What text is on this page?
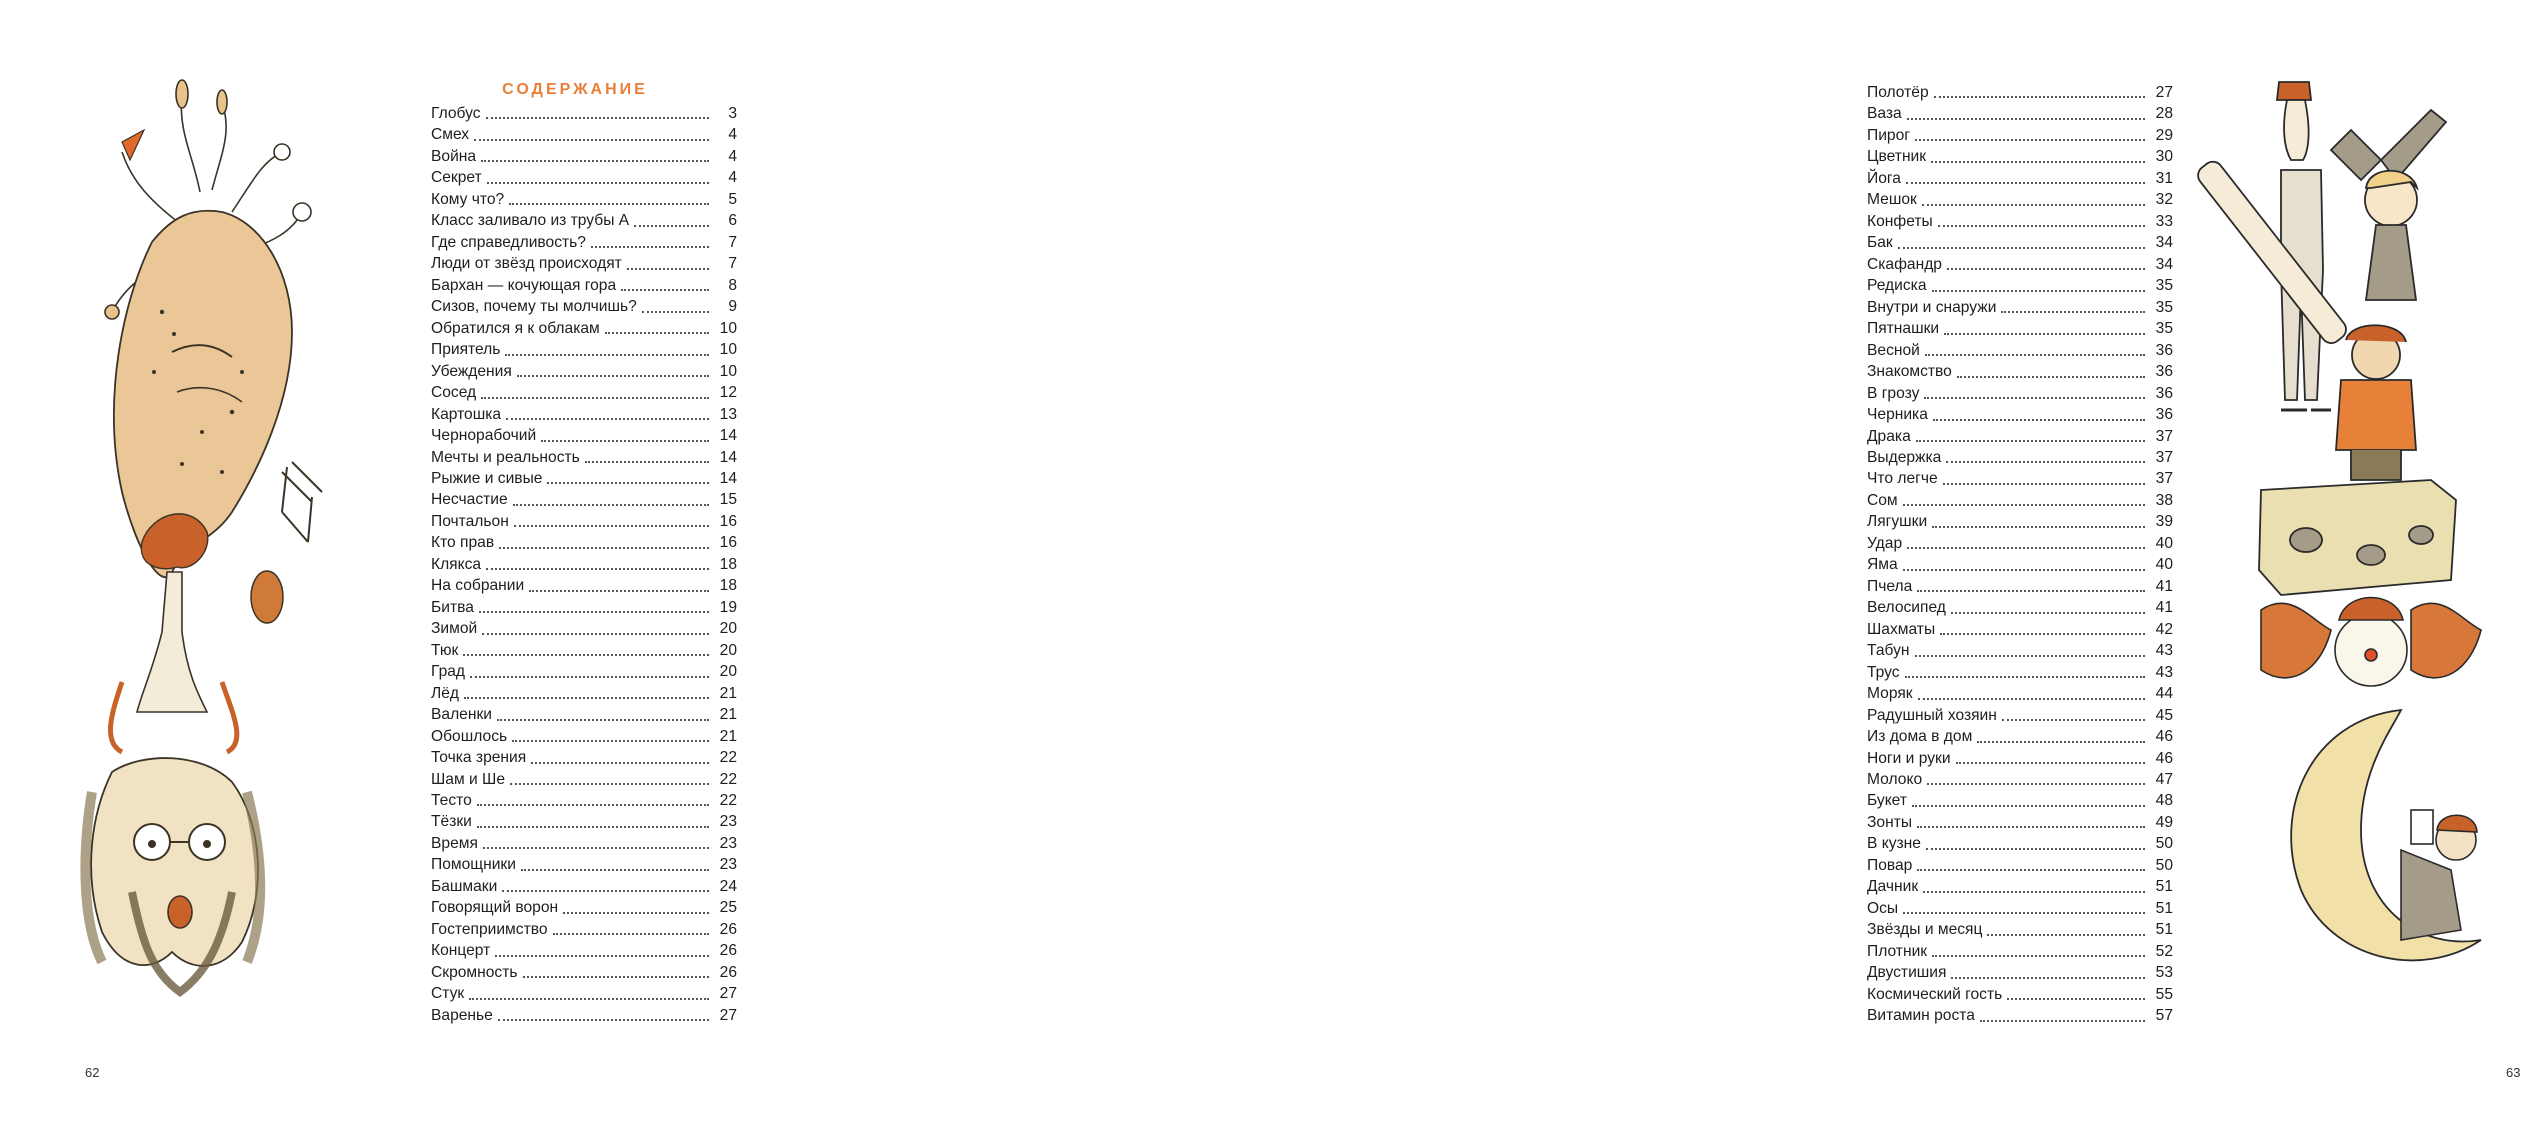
СОДЕРЖАНИЕ
Глобус	3
Смех	4
Война	4
Секрет	4
Кому что?	5
Класс заливало из трубы А	6
Где справедливость?	7
Люди от звёзд происходят	7
Бархан — кочующая гора	8
Сизов, почему ты молчишь?	9
Обратился я к облакам	10
Приятель	10
Убеждения	10
Сосед	12
Картошка	13
Чернорабочий	14
Мечты и реальность	14
Рыжие и сивые	14
Несчастие	15
Почтальон	16
Кто прав	16
Клякса	18
На собрании	18
Битва	19
Зимой	20
Тюк	20
Град	20
Лёд	21
Валенки	21
Обошлось	21
Точка зрения	22
Шам и Ше	22
Тесто	22
Тёзки	23
Время	23
Помощники	23
Башмаки	24
Говорящий ворон	25
Гостеприимство	26
Концерт	26
Скромность	26
Стук	27
Варенье	27
62
Полотёр	27
Ваза	28
Пирог	29
Цветник	30
Йога	31
Мешок	32
Конфеты	33
Бак	34
Скафандр	34
Редиска	35
Внутри и снаружи	35
Пятнашки	35
Весной	36
Знакомство	36
В грозу	36
Черника	36
Драка	37
Выдержка	37
Что легче	37
Сом	38
Лягушки	39
Удар	40
Яма	40
Пчела	41
Велосипед	41
Шахматы	42
Табун	43
Трус	43
Моряк	44
Радушный хозяин	45
Из дома в дом	46
Ноги и руки	46
Молоко	47
Букет	48
Зонты	49
В кузне	50
Повар	50
Дачник	51
Осы	51
Звёзды и месяц	51
Плотник	52
Двустишия	53
Космический гость	55
Витамин роста	57
63
